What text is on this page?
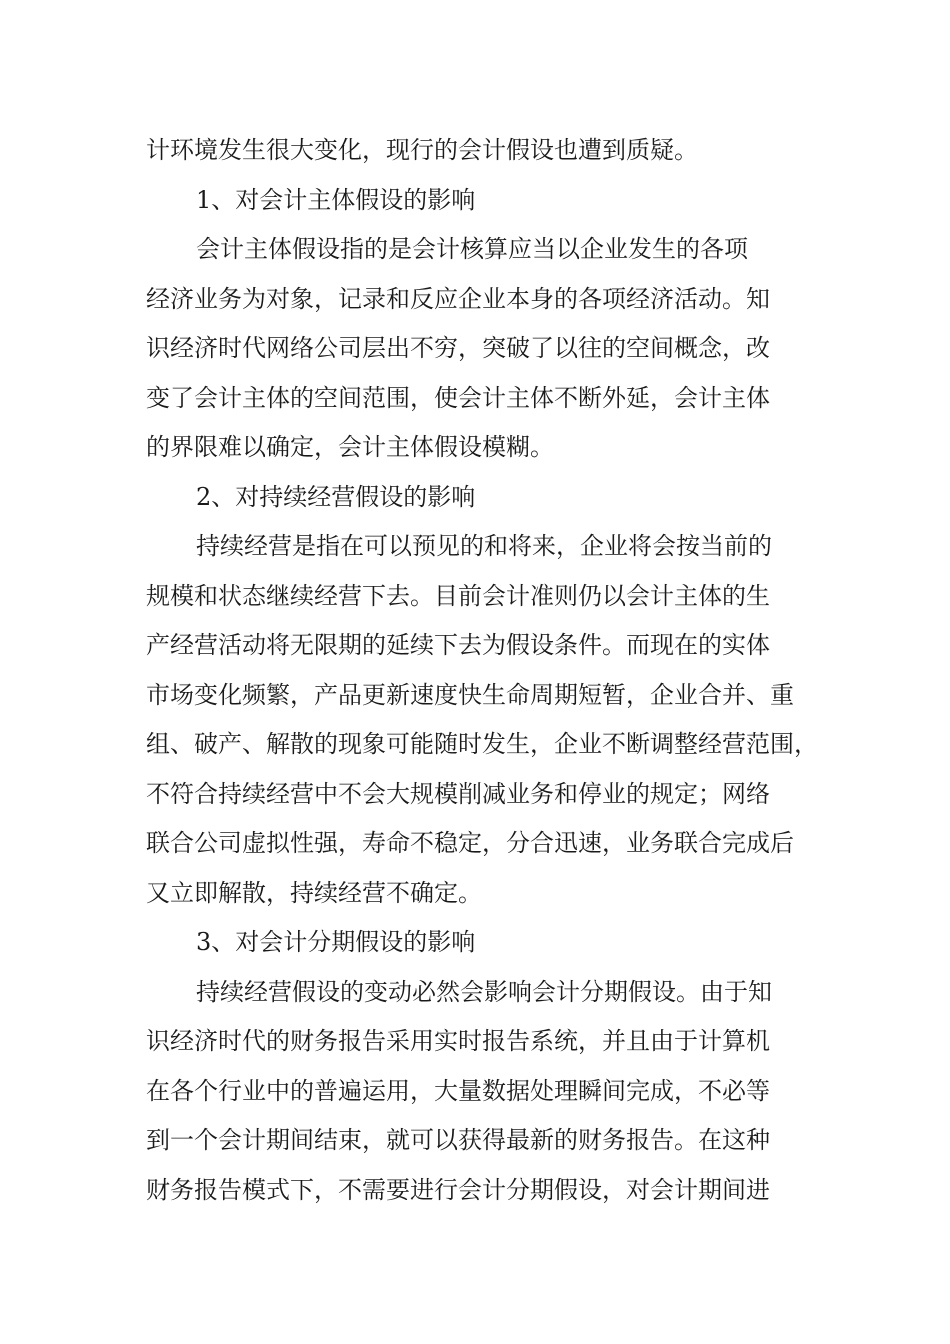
计环境发生很大变化，现行的会计假设也遭到质疑。
1、对会计主体假设的影响
会计主体假设指的是会计核算应当以企业发生的各项
经济业务为对象，记录和反应企业本身的各项经济活动。知
识经济时代网络公司层出不穷，突破了以往的空间概念，改
变了会计主体的空间范围，使会计主体不断外延，会计主体
的界限难以确定，会计主体假设模糊。
2、对持续经营假设的影响
持续经营是指在可以预见的和将来，企业将会按当前的
规模和状态继续经营下去。目前会计准则仍以会计主体的生
产经营活动将无限期的延续下去为假设条件。而现在的实体
市场变化频繁，产品更新速度快生命周期短暂，企业合并、重
组、破产、解散的现象可能随时发生，企业不断调整经营范围，
不符合持续经营中不会大规模削减业务和停业的规定；网络
联合公司虚拟性强，寿命不稳定，分合迅速，业务联合完成后
又立即解散，持续经营不确定。
3、对会计分期假设的影响
持续经营假设的变动必然会影响会计分期假设。由于知
识经济时代的财务报告采用实时报告系统，并且由于计算机
在各个行业中的普遍运用，大量数据处理瞬间完成，不必等
到一个会计期间结束，就可以获得最新的财务报告。在这种
财务报告模式下，不需要进行会计分期假设，对会计期间进
